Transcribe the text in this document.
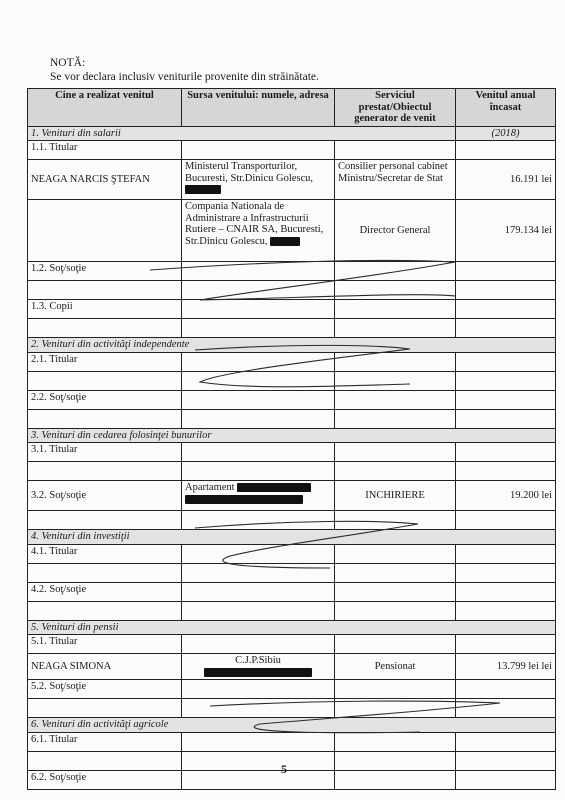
NOTĂ:
Se vor declara inclusiv veniturile provenite din străinătate.
Cine a realizat venitul	Sursa venitului: numele, adresa	Serviciul prestat/Obiectul generator de venit	Venitul anual încasat
1. Venituri din salarii			(2018)
1.1. Titular			
NEAGA NARCIS ŞTEFAN	Ministerul Transporturilor, Bucuresti, Str.Dinicu Golescu,	Consilier personal cabinet Ministru/Secretar de Stat	16.191 lei
	Compania Nationala de Administrare a Infrastructurii Rutiere – CNAIR SA, Bucuresti, Str.Dinicu Golescu,	Director General	179.134 lei
1.2. Soţ/soţie			

1.3. Copii			

2. Venituri din activităţi independente			
2.1. Titular			

2.2. Soţ/soţie			

3. Venituri din cedarea folosinţei bunurilor			
3.1. Titular			

3.2. Soţ/soţie	Apartament	INCHIRIERE	19.200 lei

4. Venituri din investiţii			
4.1. Titular			

4.2. Soţ/soţie			

5. Venituri din pensii			
5.1. Titular			
NEAGA SIMONA	C.J.P.Sibiu	Pensionat	13.799 lei lei
5.2. Soţ/soţie			

6. Venituri din activităţi agricole			
6.1. Titular			

6.2. Soţ/soţie			
5
